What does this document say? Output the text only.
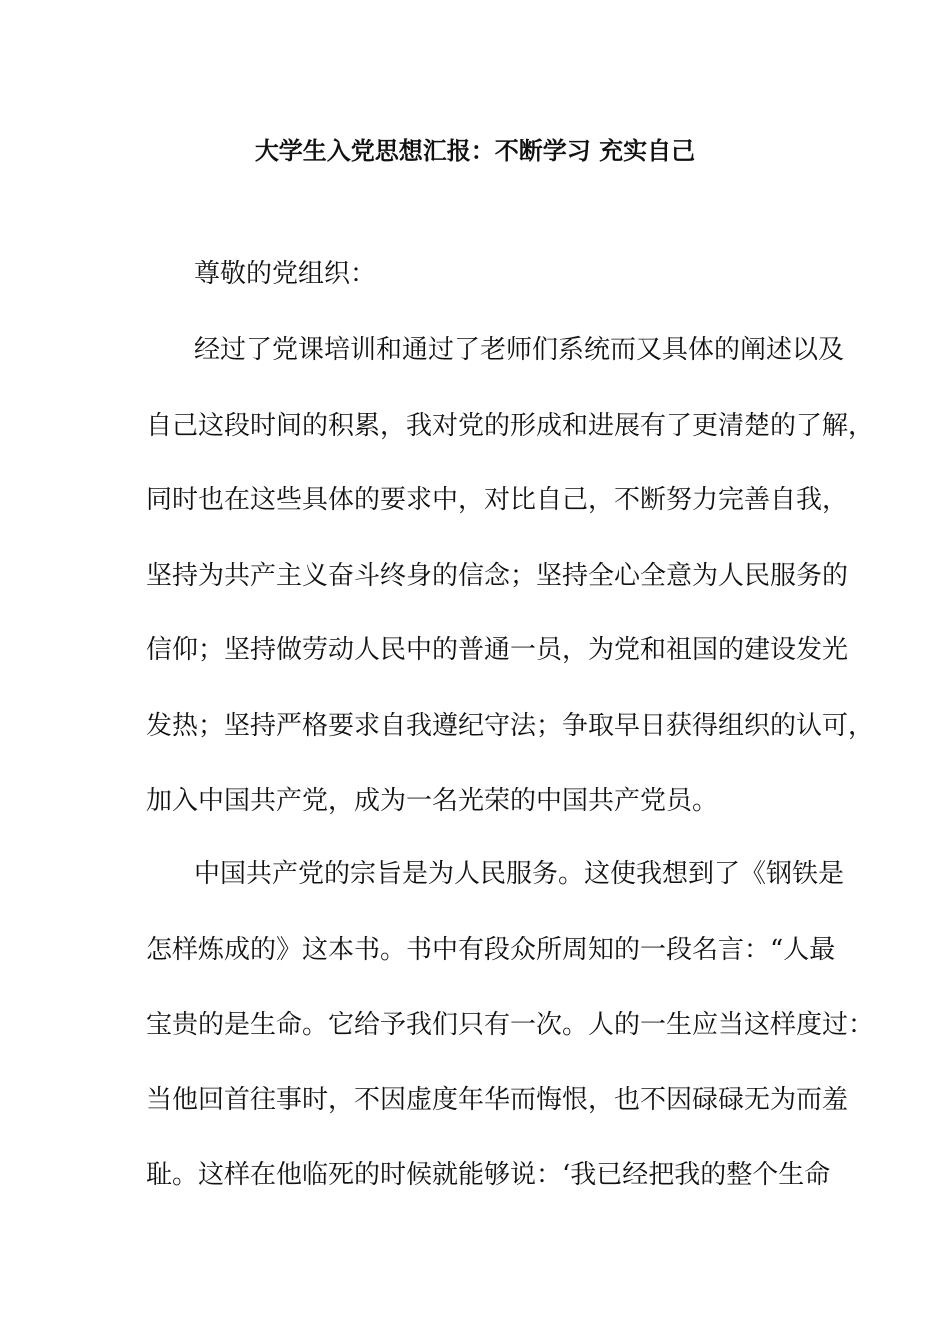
大学生入党思想汇报：不断学习 充实自己
尊敬的党组织：
经过了党课培训和通过了老师们系统而又具体的阐述以及
自己这段时间的积累，我对党的形成和进展有了更清楚的了解，
同时也在这些具体的要求中，对比自己，不断努力完善自我，
坚持为共产主义奋斗终身的信念；坚持全心全意为人民服务的
信仰；坚持做劳动人民中的普通一员，为党和祖国的建设发光
发热；坚持严格要求自我遵纪守法；争取早日获得组织的认可，
加入中国共产党，成为一名光荣的中国共产党员。
中国共产党的宗旨是为人民服务。这使我想到了《钢铁是
怎样炼成的》这本书。书中有段众所周知的一段名言：“人最
宝贵的是生命。它给予我们只有一次。人的一生应当这样度过：
当他回首往事时，不因虚度年华而悔恨，也不因碌碌无为而羞
耻。这样在他临死的时候就能够说：‘我已经把我的整个生命
